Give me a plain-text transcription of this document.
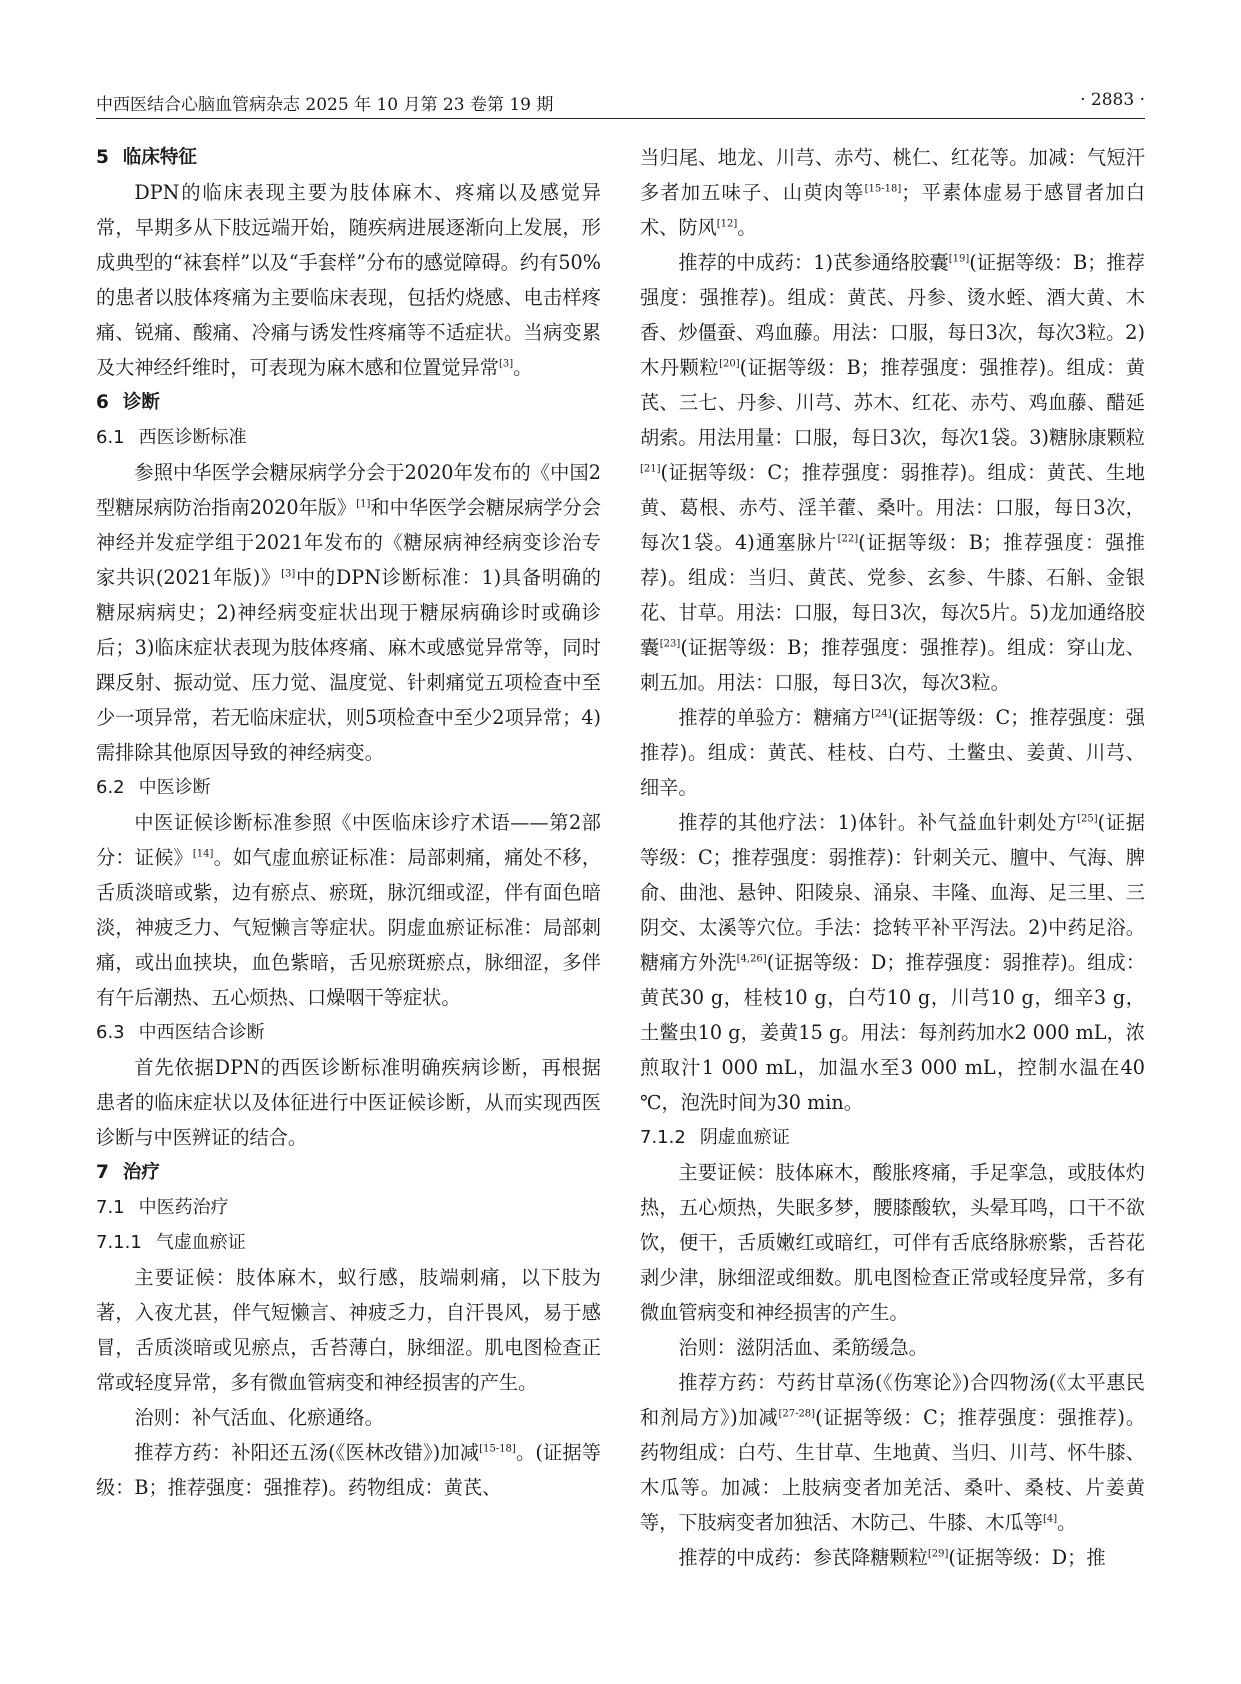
中西医结合心脑血管病杂志 2025 年 10 月第 23 卷第 19 期	· 2883 ·
5 临床特征

DPN的临床表现主要为肢体麻木、疼痛以及感觉异常，早期多从下肢远端开始，随疾病进展逐渐向上发展，形成典型的“袜套样”以及“手套样”分布的感觉障碍。约有50%的患者以肢体疼痛为主要临床表现，包括灼烧感、电击样疼痛、锐痛、酸痛、冷痛与诱发性疼痛等不适症状。当病变累及大神经纤维时，可表现为麻木感和位置觉异常[3]。

6 诊断
6.1 西医诊断标准

参照中华医学会糖尿病学分会于2020年发布的《中国2型糖尿病防治指南2020年版》[1]和中华医学会糖尿病学分会神经并发症学组于2021年发布的《糖尿病神经病变诊治专家共识(2021年版)》[3]中的DPN诊断标准：1)具备明确的糖尿病病史；2)神经病变症状出现于糖尿病确诊时或确诊后；3)临床症状表现为肢体疼痛、麻木或感觉异常等，同时踝反射、振动觉、压力觉、温度觉、针刺痛觉五项检查中至少一项异常，若无临床症状，则5项检查中至少2项异常；4)需排除其他原因导致的神经病变。

6.2 中医诊断

中医证候诊断标准参照《中医临床诊疗术语——第2部分：证候》[14]。如气虚血瘀证标准：局部刺痛，痛处不移，舌质淡暗或紫，边有瘀点、瘀斑，脉沉细或涩，伴有面色暗淡，神疲乏力、气短懒言等症状。阴虚血瘀证标准：局部刺痛，或出血挟块，血色紫暗，舌见瘀斑瘀点，脉细涩，多伴有午后潮热、五心烦热、口燥咽干等症状。

6.3 中西医结合诊断

首先依据DPN的西医诊断标准明确疾病诊断，再根据患者的临床症状以及体征进行中医证候诊断，从而实现西医诊断与中医辨证的结合。

7 治疗
7.1 中医药治疗
7.1.1 气虚血瘀证

主要证候：肢体麻木，蚁行感，肢端刺痛，以下肢为著，入夜尤甚，伴气短懒言、神疲乏力，自汗畏风，易于感冒，舌质淡暗或见瘀点，舌苔薄白，脉细涩。肌电图检查正常或轻度异常，多有微血管病变和神经损害的产生。

治则：补气活血、化瘀通络。

推荐方药：补阳还五汤(《医林改错》)加减[15-18]。(证据等级：B；推荐强度：强推荐)。药物组成：黄芪、

当归尾、地龙、川芎、赤芍、桃仁、红花等。加减：气短汗多者加五味子、山萸肉等[15-18]；平素体虚易于感冒者加白术、防风[12]。

推荐的中成药：1)芪参通络胶囊[19](证据等级：B；推荐强度：强推荐)。组成：黄芪、丹参、烫水蛭、酒大黄、木香、炒僵蚕、鸡血藤。用法：口服，每日3次，每次3粒。2)木丹颗粒[20](证据等级：B；推荐强度：强推荐)。组成：黄芪、三七、丹参、川芎、苏木、红花、赤芍、鸡血藤、醋延胡索。用法用量：口服，每日3次，每次1袋。3)糖脉康颗粒[21](证据等级：C；推荐强度：弱推荐)。组成：黄芪、生地黄、葛根、赤芍、淫羊藿、桑叶。用法：口服，每日3次，每次1袋。4)通塞脉片[22](证据等级：B；推荐强度：强推荐)。组成：当归、黄芪、党参、玄参、牛膝、石斛、金银花、甘草。用法：口服，每日3次，每次5片。5)龙加通络胶囊[23](证据等级：B；推荐强度：强推荐)。组成：穿山龙、刺五加。用法：口服，每日3次，每次3粒。

推荐的单验方：糖痛方[24](证据等级：C；推荐强度：强推荐)。组成：黄芪、桂枝、白芍、土鳖虫、姜黄、川芎、细辛。

推荐的其他疗法：1)体针。补气益血针刺处方[25](证据等级：C；推荐强度：弱推荐)：针刺关元、膻中、气海、脾俞、曲池、悬钟、阳陵泉、涌泉、丰隆、血海、足三里、三阴交、太溪等穴位。手法：捻转平补平泻法。2)中药足浴。糖痛方外洗[4,26](证据等级：D；推荐强度：弱推荐)。组成：黄芪30 g，桂枝10 g，白芍10 g，川芎10 g，细辛3 g，土鳖虫10 g，姜黄15 g。用法：每剂药加水2 000 mL，浓煎取汁1 000 mL，加温水至3 000 mL，控制水温在40 ℃，泡洗时间为30 min。

7.1.2 阴虚血瘀证

主要证候：肢体麻木，酸胀疼痛，手足挛急，或肢体灼热，五心烦热，失眠多梦，腰膝酸软，头晕耳鸣，口干不欲饮，便干，舌质嫩红或暗红，可伴有舌底络脉瘀紫，舌苔花剥少津，脉细涩或细数。肌电图检查正常或轻度异常，多有微血管病变和神经损害的产生。

治则：滋阴活血、柔筋缓急。

推荐方药：芍药甘草汤(《伤寒论》)合四物汤(《太平惠民和剂局方》)加减[27-28](证据等级：C；推荐强度：强推荐)。药物组成：白芍、生甘草、生地黄、当归、川芎、怀牛膝、木瓜等。加减：上肢病变者加羌活、桑叶、桑枝、片姜黄等，下肢病变者加独活、木防己、牛膝、木瓜等[4]。

推荐的中成药：参芪降糖颗粒[29](证据等级：D；推
